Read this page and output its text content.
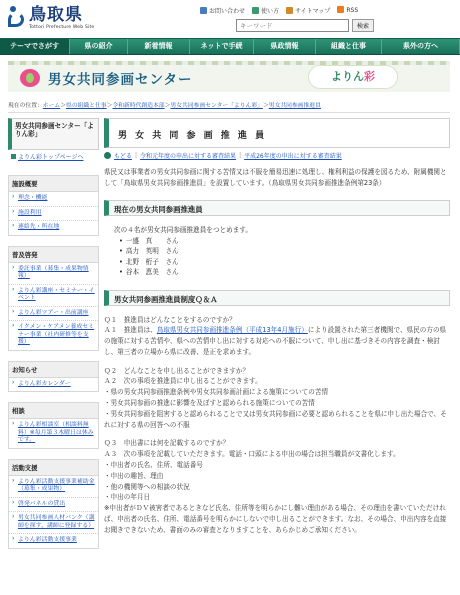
鳥取県
Tottori Prefecture Web Site
お問い合わせ	使い方	サイトマップ	RSS
キーワード
検索
テーマでさがす	県の紹介	新着情報	ネットで手続	県政情報	組織と仕事	県外の方へ
男女共同参画センター	よりん彩
現在の位置：ホーム＞県の組織と仕事＞令和新時代創造本部＞男女共同参画センター「よりん彩」＞男女共同参画推進員
男女共同参画センター「よりん彩」
よりん彩トップページへ
施設概要
› 理念・機能
› 施設利用
› 連絡先・所在地
普及啓発
› 委託事業（募集・成果物情報）
› よりん彩講座・セミナー・イベント
› よりん彩ツアー・出前講座
› イクメン・ケアメン養成セミナー事業（社内研修等を支援）
お知らせ
› よりん彩カレンダー
相談
› よりん彩相談室（相談料無料）※毎月第３木曜日は休みです。
活動支援
› よりん彩活動支援事業補助金（募集・成果物）
› 啓発パネルの貸出
› 男女共同参画人材バンク（講師を探す、講師に登録する）
› よりん彩活動支援事業
男 女 共 同 参 画 推 進 員
もどる | 令和元年度の申出に対する審査結果 | 平成26年度の申出に対する審査結果

県民又は事業者の男女共同参画に関する苦情又は不服を簡易迅速に処理し、権利利益の保護を図るため、附属機関として「鳥取県男女共同参画推進員」を設置しています。（鳥取県男女共同参画推進条例第23条）

現在の男女共同参画推進員
次の４名が男女共同参画推進員をつとめます。
• 一盛　真　　さん
• 高力　英明　さん
• 北野　桁子　さん
• 谷本　恵美　さん
男女共同参画推進員制度Ｑ＆Ａ
Ｑ１　推進員はどんなことをするのですか？
Ａ１　推進員は、鳥取県男女共同参画推進条例（平成13年4月施行）により設置された第三者機関で、県民の方の県の施策に対する苦情や、県への苦情申し出に対する対応への不服について、申し出に基づきその内容を調査・検討し、第三者の立場から県に改善、是正を求めます。
Ｑ２　どんなことを申し出ることができますか？
Ａ２　次の事項を推進員に申し出ることができます。
・県の男女共同参画推進条例や男女共同参画計画による施策についての苦情
・男女共同参画の推進に影響を及ぼすと認められる施策についての苦情
・男女共同参画を阻害すると認められることで又は男女共同参画に必要と認められることを県に申し出た場合で、それに対する県の回答への不服
Ｑ３　申出書には何を記載するのですか？
Ａ３　次の事項を記載していただきます。電話・口頭による申出の場合は担当職員が文書化します。
・申出者の氏名、住所、電話番号
・申出の趣旨、理由
・他の機関等への相談の状況
・申出の年月日
※申出者がＤＶ被害者であるときなど氏名、住所等を明らかにし難い理由がある場合、その理由を書いていただければ、申出者の氏名、住所、電話番号を明らかにしないで申し出ることができます。なお、その場合、申出内容を直接お聞きできないため、書面のみの審査となりますことを、あらかじめご承知ください。
